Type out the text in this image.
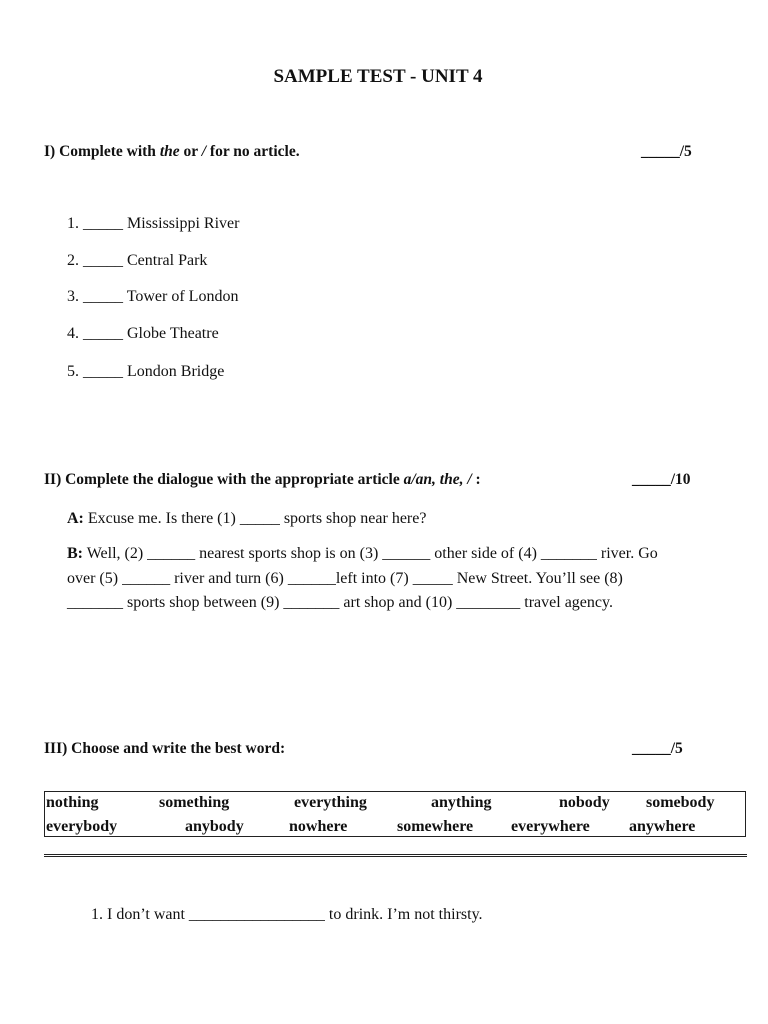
SAMPLE TEST - UNIT 4
I) Complete with the or / for no article.	_____/5
1. _____ Mississippi River
2. _____ Central Park
3. _____ Tower of London
4. _____ Globe Theatre
5. _____ London Bridge
II) Complete the dialogue with the appropriate article a/an, the, / :	_____/10
A: Excuse me. Is there (1) _____ sports shop near here?
B: Well, (2) ______ nearest sports shop is on (3) ______ other side of (4) _______ river. Go
over (5) ______ river and turn (6) ______left into (7) _____ New Street. You’ll see (8)
_______ sports shop between (9) _______ art shop and (10) ________ travel agency.
III) Choose and write the best word:	_____/5
nothing	something	everything	anything	nobody somebody
everybody	anybody	nowhere	somewhere everywhere anywhere
1. I don’t want _________________ to drink. I’m not thirsty.
